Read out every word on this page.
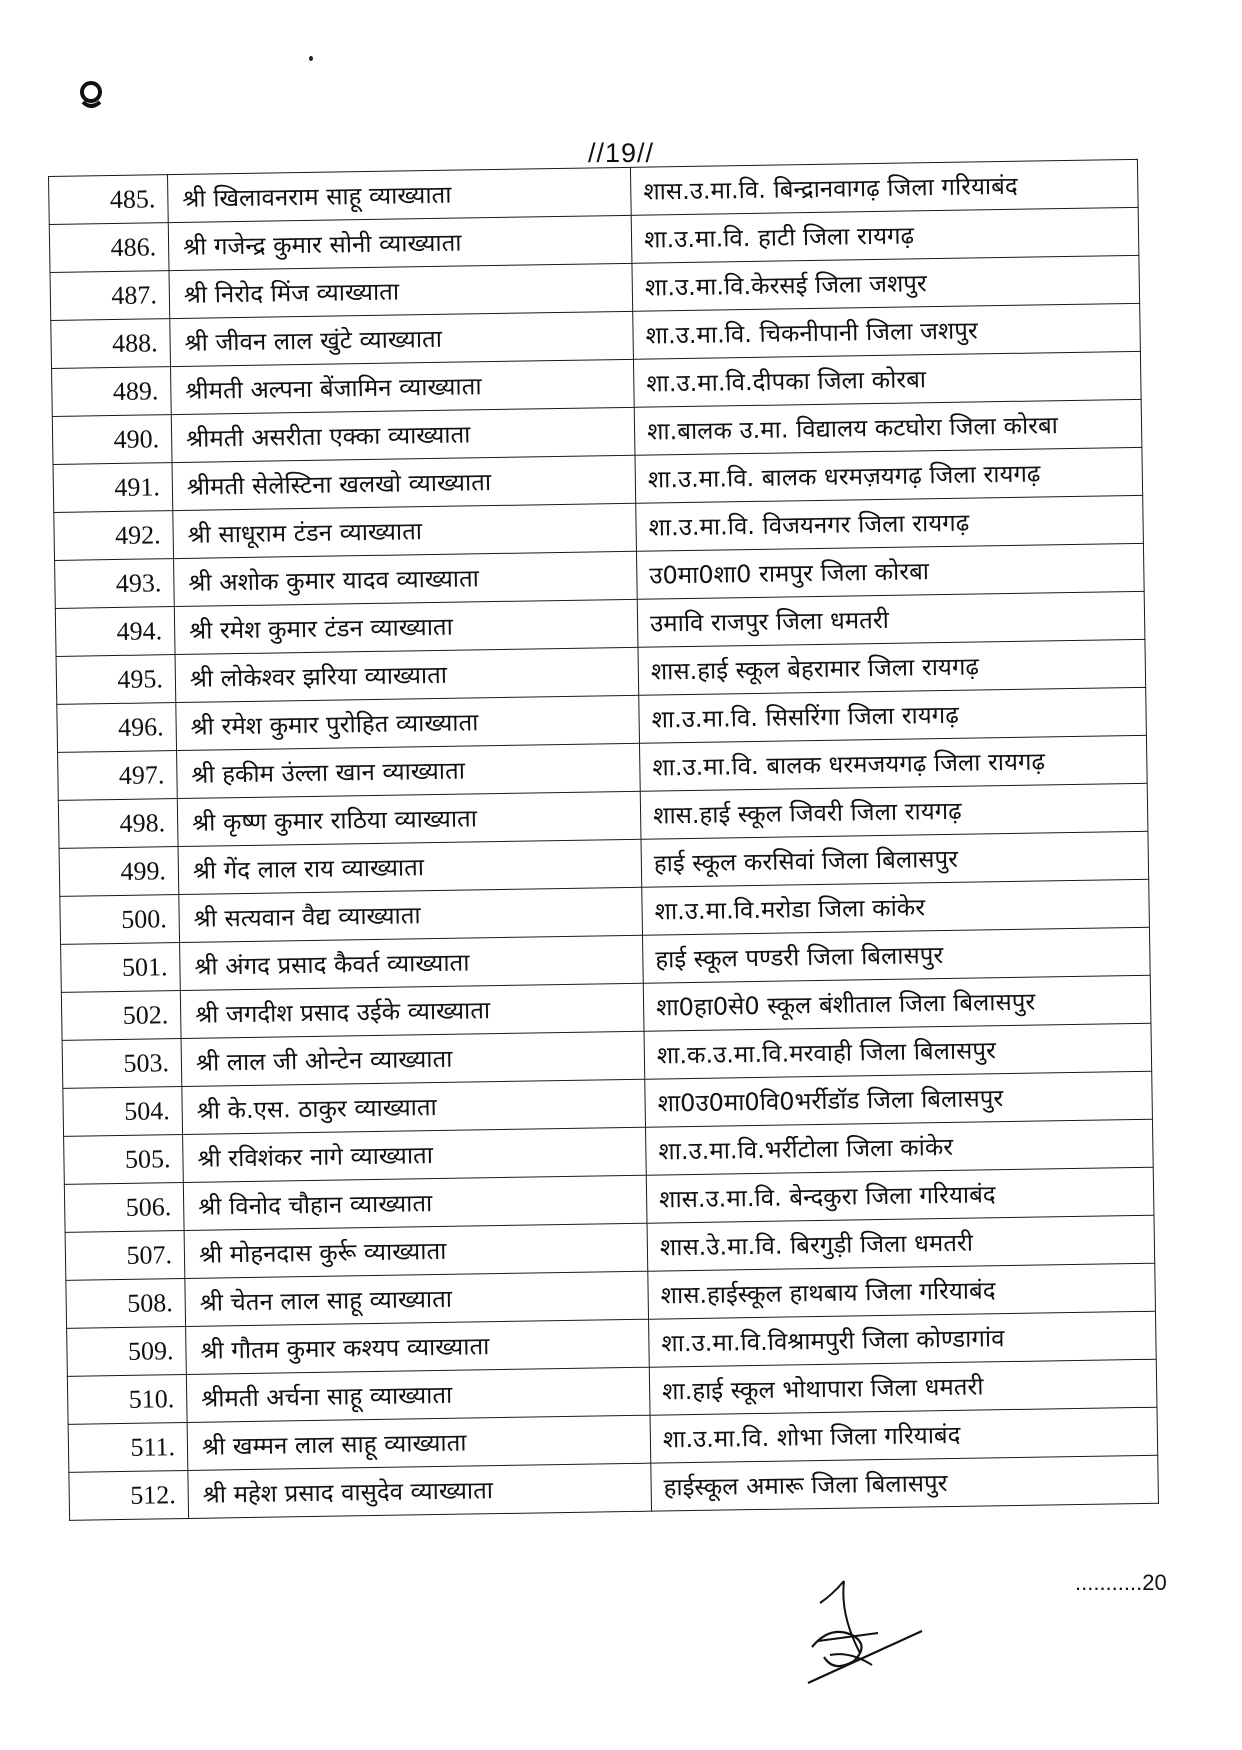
//19//
485.	श्री खिलावनराम साहू व्याख्याता	शास.उ.मा.वि. बिन्द्रानवागढ़ जिला गरियाबंद
486.	श्री गजेन्द्र कुमार सोनी व्याख्याता	शा.उ.मा.वि. हाटी जिला रायगढ़
487.	श्री निरोद मिंज व्याख्याता	शा.उ.मा.वि.केरसई जिला जशपुर
488.	श्री जीवन लाल खुंटे व्याख्याता	शा.उ.मा.वि. चिकनीपानी जिला जशपुर
489.	श्रीमती अल्पना बेंजामिन व्याख्याता	शा.उ.मा.वि.दीपका जिला कोरबा
490.	श्रीमती असरीता एक्का व्याख्याता	शा.बालक उ.मा. विद्यालय कटघोरा जिला कोरबा
491.	श्रीमती सेलेस्टिना खलखो व्याख्याता	शा.उ.मा.वि. बालक धरमज़यगढ़ जिला रायगढ़
492.	श्री साधूराम टंडन व्याख्याता	शा.उ.मा.वि. विजयनगर जिला रायगढ़
493.	श्री अशोक कुमार यादव व्याख्याता	उ0मा0शा0 रामपुर जिला कोरबा
494.	श्री रमेश कुमार टंडन व्याख्याता	उमावि राजपुर जिला धमतरी
495.	श्री लोकेश्वर झरिया व्याख्याता	शास.हाई स्कूल बेहरामार जिला रायगढ़
496.	श्री रमेश कुमार पुरोहित व्याख्याता	शा.उ.मा.वि. सिसरिंगा जिला रायगढ़
497.	श्री हकीम उंल्ला खान व्याख्याता	शा.उ.मा.वि. बालक धरमजयगढ़ जिला रायगढ़
498.	श्री कृष्ण कुमार राठिया व्याख्याता	शास.हाई स्कूल जिवरी जिला रायगढ़
499.	श्री गेंद लाल राय व्याख्याता	हाई स्कूल करसिवां जिला बिलासपुर
500.	श्री सत्यवान वैद्य व्याख्याता	शा.उ.मा.वि.मरोडा जिला कांकेर
501.	श्री अंगद प्रसाद कैवर्त व्याख्याता	हाई स्कूल पण्डरी जिला बिलासपुर
502.	श्री जगदीश प्रसाद उईके व्याख्याता	शा0हा0से0 स्कूल बंशीताल जिला बिलासपुर
503.	श्री लाल जी ओन्टेन व्याख्याता	शा.क.उ.मा.वि.मरवाही जिला बिलासपुर
504.	श्री के.एस. ठाकुर व्याख्याता	शा0उ0मा0वि0भर्रीडॉड जिला बिलासपुर
505.	श्री रविशंकर नागे व्याख्याता	शा.उ.मा.वि.भर्रीटोला जिला कांकेर
506.	श्री विनोद चौहान व्याख्याता	शास.उ.मा.वि. बेन्दकुरा जिला गरियाबंद
507.	श्री मोहनदास कुर्रू व्याख्याता	शास.उे.मा.वि. बिरगुड़ी जिला धमतरी
508.	श्री चेतन लाल साहू व्याख्याता	शास.हाईस्कूल हाथबाय जिला गरियाबंद
509.	श्री गौतम कुमार कश्यप व्याख्याता	शा.उ.मा.वि.विश्रामपुरी जिला कोण्डागांव
510.	श्रीमती अर्चना साहू व्याख्याता	शा.हाई स्कूल भोथापारा जिला धमतरी
511.	श्री खम्मन लाल साहू व्याख्याता	शा.उ.मा.वि. शोभा जिला गरियाबंद
512.	श्री महेश प्रसाद वासुदेव व्याख्याता	हाईस्कूल अमारू जिला बिलासपुर
...........20
